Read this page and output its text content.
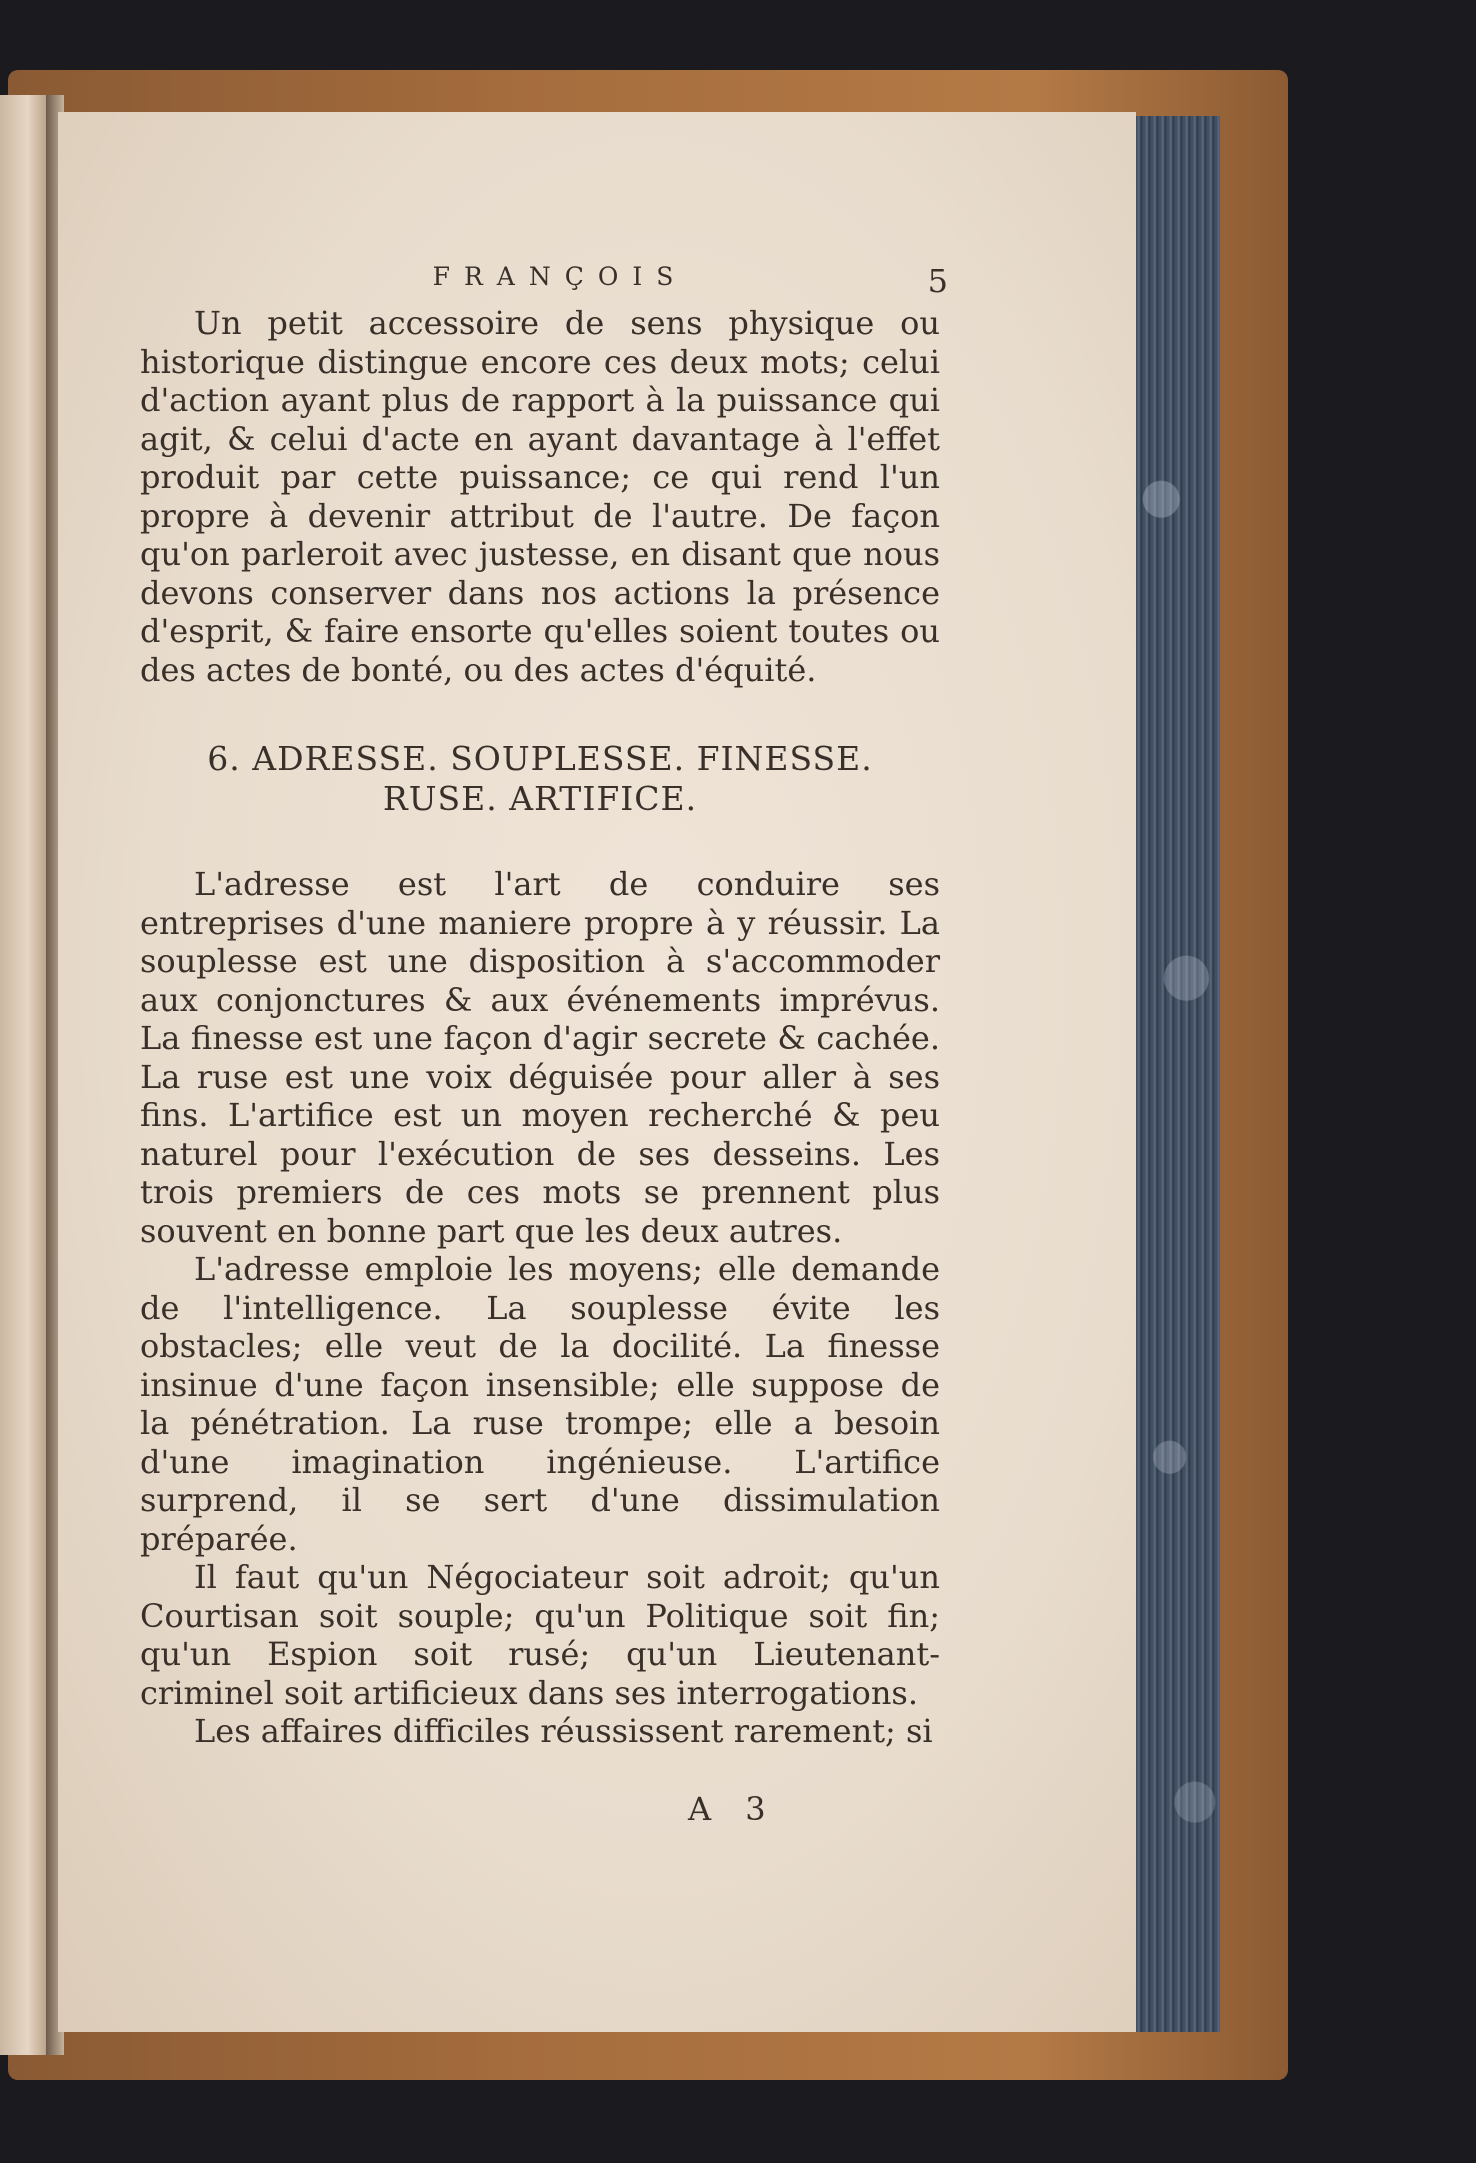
FRANÇOIS	5

Un petit accessoire de sens physique ou historique distingue encore ces deux mots; celui d'action ayant plus de rapport à la puissance qui agit, & celui d'acte en ayant davantage à l'effet produit par cette puissance; ce qui rend l'un propre à devenir attribut de l'autre. De façon qu'on parleroit avec justesse, en disant que nous devons conserver dans nos actions la présence d'esprit, & faire ensorte qu'elles soient toutes ou des actes de bonté, ou des actes d'équité.

6. ADRESSE. SOUPLESSE. FINESSE.
RUSE. ARTIFICE.

L'adresse est l'art de conduire ses entreprises d'une maniere propre à y réussir. La souplesse est une disposition à s'accommoder aux conjonctures & aux événements imprévus. La finesse est une façon d'agir secrete & cachée. La ruse est une voix déguisée pour aller à ses fins. L'artifice est un moyen recherché & peu naturel pour l'exécution de ses desseins. Les trois premiers de ces mots se prennent plus souvent en bonne part que les deux autres.

L'adresse emploie les moyens; elle demande de l'intelligence. La souplesse évite les obstacles; elle veut de la docilité. La finesse insinue d'une façon insensible; elle suppose de la pénétration. La ruse trompe; elle a besoin d'une imagination ingénieuse. L'artifice surprend, il se sert d'une dissimulation préparée.

Il faut qu'un Négociateur soit adroit; qu'un Courtisan soit souple; qu'un Politique soit fin; qu'un Espion soit rusé; qu'un Lieutenant-criminel soit artificieux dans ses interrogations.

Les affaires difficiles réussissent rarement; si

A 3
